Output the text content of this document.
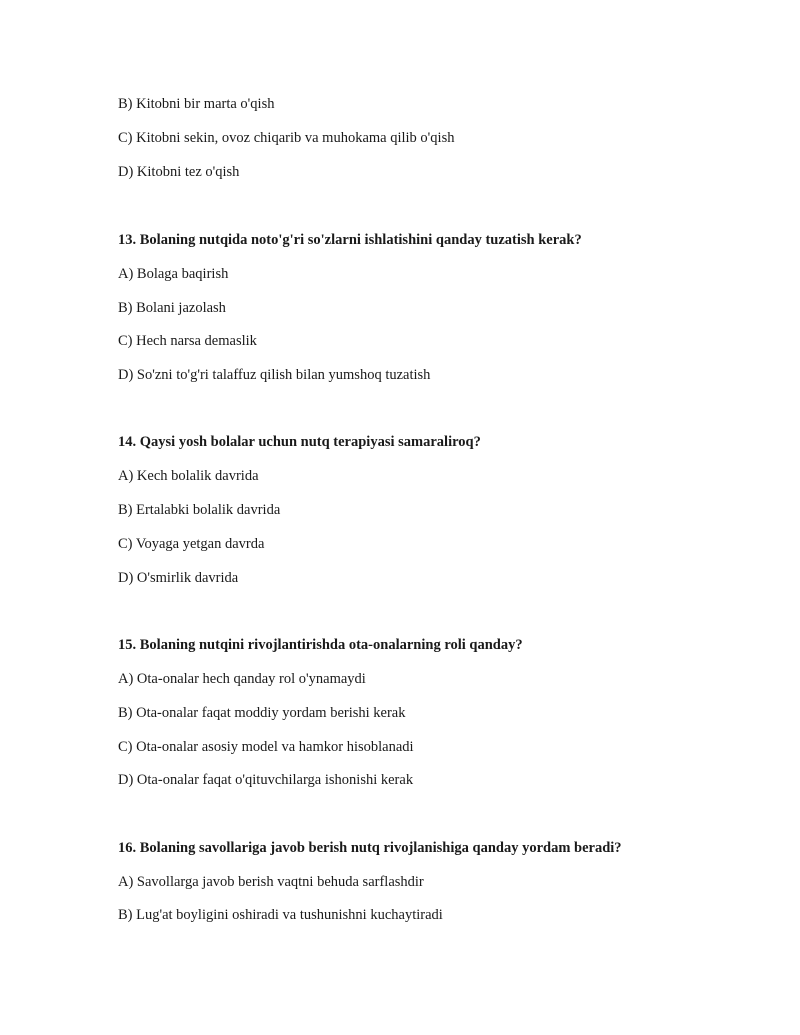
B) Kitobni bir marta o'qish
C) Kitobni sekin, ovoz chiqarib va muhokama qilib o'qish
D) Kitobni tez o'qish
13. Bolaning nutqida noto'g'ri so'zlarni ishlatishini qanday tuzatish kerak?
A) Bolaga baqirish
B) Bolani jazolash
C) Hech narsa demaslik
D) So'zni to'g'ri talaffuz qilish bilan yumshoq tuzatish
14. Qaysi yosh bolalar uchun nutq terapiyasi samaraliroq?
A) Kech bolalik davrida
B) Ertalabki bolalik davrida
C) Voyaga yetgan davrda
D) O'smirlik davrida
15. Bolaning nutqini rivojlantirishda ota-onalarning roli qanday?
A) Ota-onalar hech qanday rol o'ynamaydi
B) Ota-onalar faqat moddiy yordam berishi kerak
C) Ota-onalar asosiy model va hamkor hisoblanadi
D) Ota-onalar faqat o'qituvchilarga ishonishi kerak
16. Bolaning savollariga javob berish nutq rivojlanishiga qanday yordam beradi?
A) Savollarga javob berish vaqtni behuda sarflashdir
B) Lug'at boyligini oshiradi va tushunishni kuchaytiradi
